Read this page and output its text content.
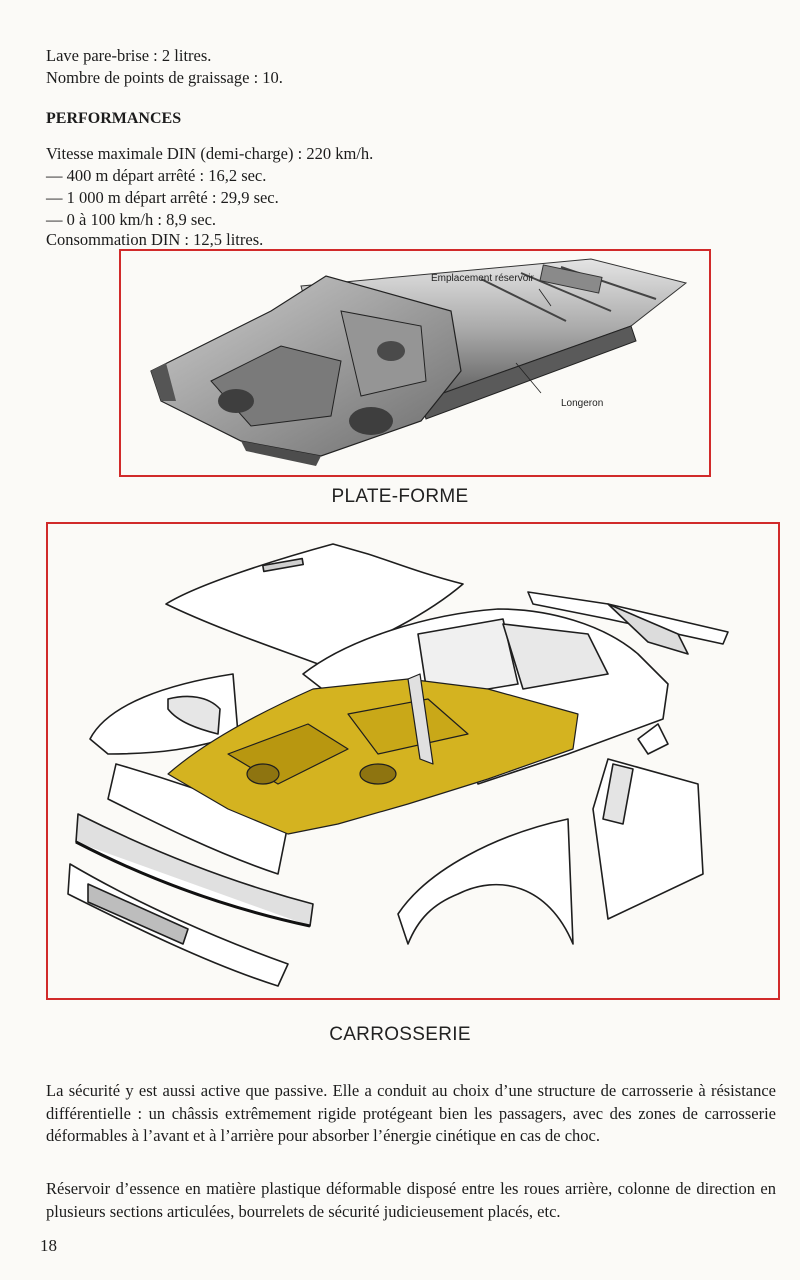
Lave pare-brise : 2 litres.
Nombre de points de graissage : 10.
PERFORMANCES
Vitesse maximale DIN (demi-charge) : 220 km/h.
— 400 m départ arrêté : 16,2 sec.
— 1 000 m départ arrêté : 29,9 sec.
— 0 à 100 km/h : 8,9 sec.
Consommation DIN : 12,5 litres.
Emplacement réservoir
Longeron
PLATE-FORME
CARROSSERIE

La sécurité y est aussi active que passive. Elle a conduit au choix d’une structure de carrosserie à résistance différentielle : un châssis extrêmement rigide protégeant bien les passagers, avec des zones de carrosserie déformables à l’avant et à l’arrière pour absorber l’énergie cinétique en cas de choc.

Réservoir d’essence en matière plastique déformable disposé entre les roues arrière, colonne de direction en plusieurs sections articulées, bourrelets de sécurité judicieusement placés, etc.

18
